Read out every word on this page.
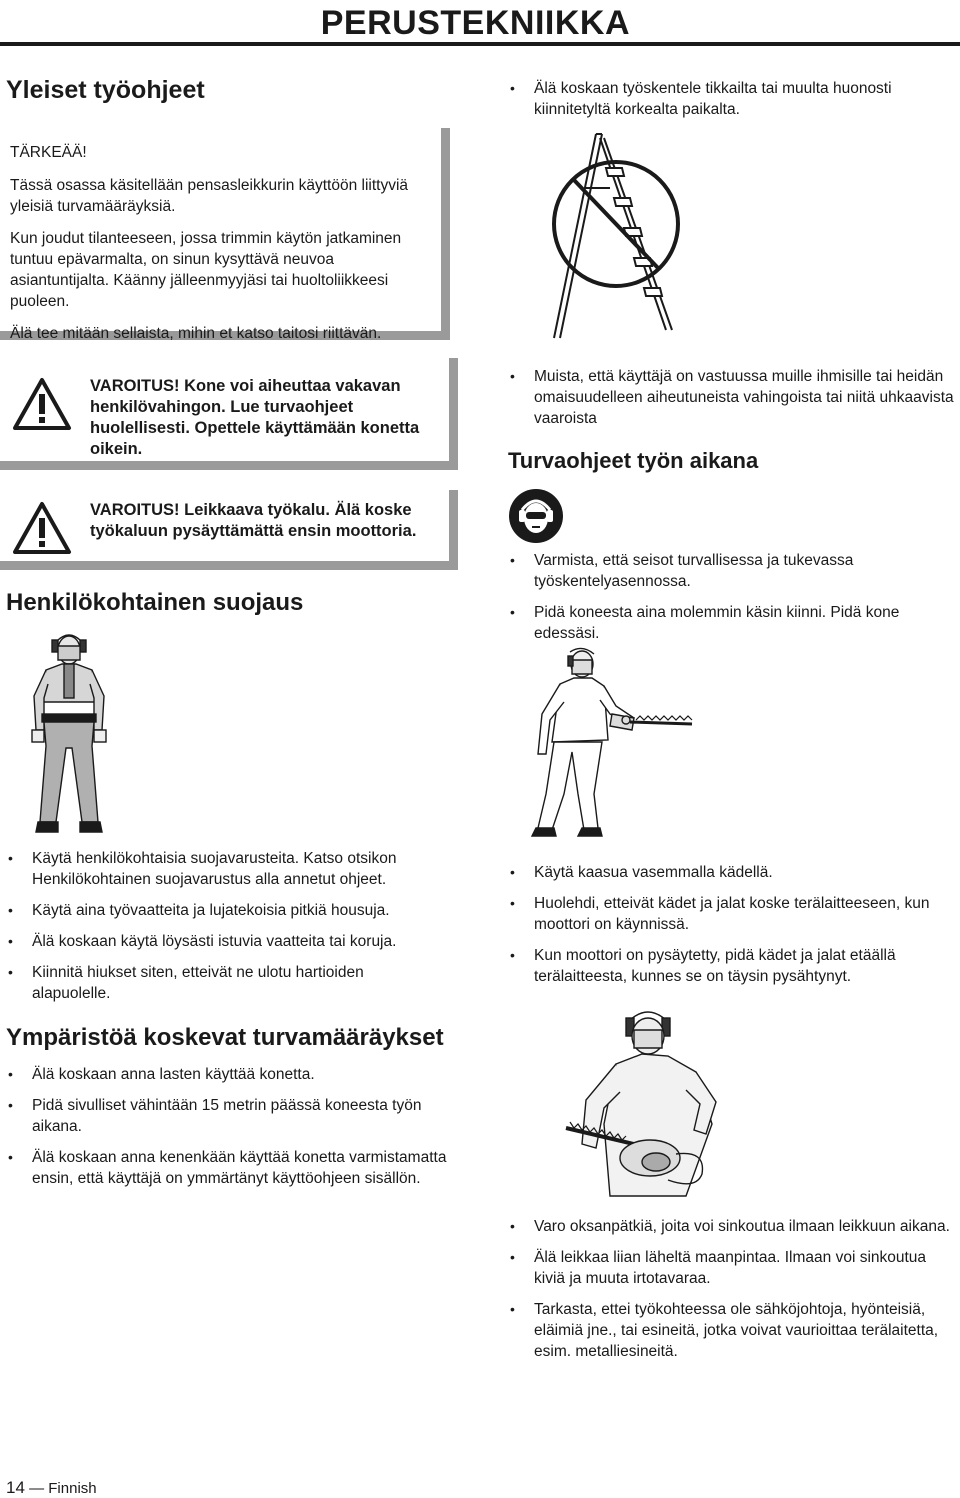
PERUSTEKNIIKKA
Yleiset työohjeet

TÄRKEÄÄ!

Tässä osassa käsitellään pensasleikkurin käyttöön liittyviä yleisiä turvamääräyksiä.

Kun joudut tilanteeseen, jossa trimmin käytön jatkaminen tuntuu epävarmalta, on sinun kysyttävä neuvoa asiantuntijalta. Käänny jälleenmyyjäsi tai huoltoliikkeesi puoleen.

Älä tee mitään sellaista, mihin et katso taitosi riittävän.

VAROITUS! Kone voi aiheuttaa vakavan henkilövahingon. Lue turvaohjeet huolellisesti. Opettele käyttämään konetta oikein.
VAROITUS! Leikkaava työkalu. Älä koske työkaluun pysäyttämättä ensin moottoria.
Henkilökohtainen suojaus
• Käytä henkilökohtaisia suojavarusteita. Katso otsikon Henkilökohtainen suojavarustus alla annetut ohjeet.
• Käytä aina työvaatteita ja lujatekoisia pitkiä housuja.
• Älä koskaan käytä löysästi istuvia vaatteita tai koruja.
• Kiinnitä hiukset siten, etteivät ne ulotu hartioiden alapuolelle.
Ympäristöä koskevat turvamääräykset
• Älä koskaan anna lasten käyttää konetta.
• Pidä sivulliset vähintään 15 metrin päässä koneesta työn aikana.
• Älä koskaan anna kenenkään käyttää konetta varmistamatta ensin, että käyttäjä on ymmärtänyt käyttöohjeen sisällön.
• Älä koskaan työskentele tikkailta tai muulta huonosti kiinnitetyltä korkealta paikalta.
• Muista, että käyttäjä on vastuussa muille ihmisille tai heidän omaisuudelleen aiheutuneista vahingoista tai niitä uhkaavista vaaroista
Turvaohjeet työn aikana
• Varmista, että seisot turvallisessa ja tukevassa työskentelyasennossa.
• Pidä koneesta aina molemmin käsin kiinni. Pidä kone edessäsi.
• Käytä kaasua vasemmalla kädellä.
• Huolehdi, etteivät kädet ja jalat koske terälaitteeseen, kun moottori on käynnissä.
• Kun moottori on pysäytetty, pidä kädet ja jalat etäällä terälaitteesta, kunnes se on täysin pysähtynyt.
• Varo oksanpätkiä, joita voi sinkoutua ilmaan leikkuun aikana.
• Älä leikkaa liian läheltä maanpintaa. Ilmaan voi sinkoutua kiviä ja muuta irtotavaraa.
• Tarkasta, ettei työkohteessa ole sähköjohtoja, hyönteisiä, eläimiä jne., tai esineitä, jotka voivat vaurioittaa terälaitetta, esim. metalliesineitä.
14 — Finnish
